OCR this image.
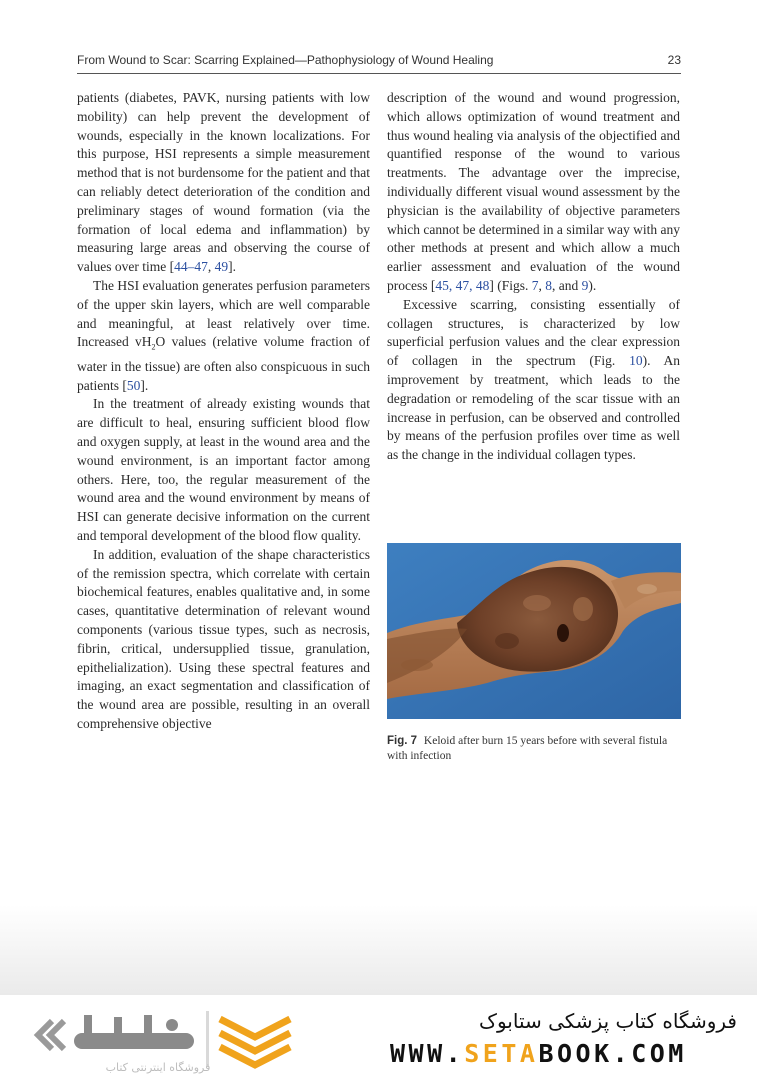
From Wound to Scar: Scarring Explained—Pathophysiology of Wound Healing	23

patients (diabetes, PAVK, nursing patients with low mobility) can help prevent the development of wounds, especially in the known localizations. For this purpose, HSI represents a simple measurement method that is not burdensome for the patient and that can reliably detect deterioration of the condition and preliminary stages of wound formation (via the formation of local edema and inflammation) by measuring large areas and observing the course of values over time [44–47, 49].

The HSI evaluation generates perfusion parameters of the upper skin layers, which are well comparable and meaningful, at least relatively over time. Increased $vH_2O$ values (relative volume fraction of water in the tissue) are often also conspicuous in such patients [50].

In the treatment of already existing wounds that are difficult to heal, ensuring sufficient blood flow and oxygen supply, at least in the wound area and the wound environment, is an important factor among others. Here, too, the regular measurement of the wound area and the wound environment by means of HSI can generate decisive information on the current and temporal development of the blood flow quality.

In addition, evaluation of the shape characteristics of the remission spectra, which correlate with certain biochemical features, enables qualitative and, in some cases, quantitative determination of relevant wound components (various tissue types, such as necrosis, fibrin, critical, undersupplied tissue, granulation, epithelialization). Using these spectral features and imaging, an exact segmentation and classification of the wound area are possible, resulting in an overall comprehensive objective

description of the wound and wound progression, which allows optimization of wound treatment and thus wound healing via analysis of the objectified and quantified response of the wound to various treatments. The advantage over the imprecise, individually different visual wound assessment by the physician is the availability of objective parameters which cannot be determined in a similar way with any other methods at present and which allow a much earlier assessment and evaluation of the wound process [45, 47, 48] (Figs. 7, 8, and 9).

Excessive scarring, consisting essentially of collagen structures, is characterized by low superficial perfusion values and the clear expression of collagen in the spectrum (Fig. 10). An improvement by treatment, which leads to the degradation or remodeling of the scar tissue with an increase in perfusion, can be observed and controlled by means of the perfusion profiles over time as well as the change in the individual collagen types.

Fig. 7 Keloid after burn 15 years before with several fistula with infection
فروشگاه اینترنتی کتاب
فروشگاه کتاب پزشکی ستابوک
WWW.SETABOOK.COM
